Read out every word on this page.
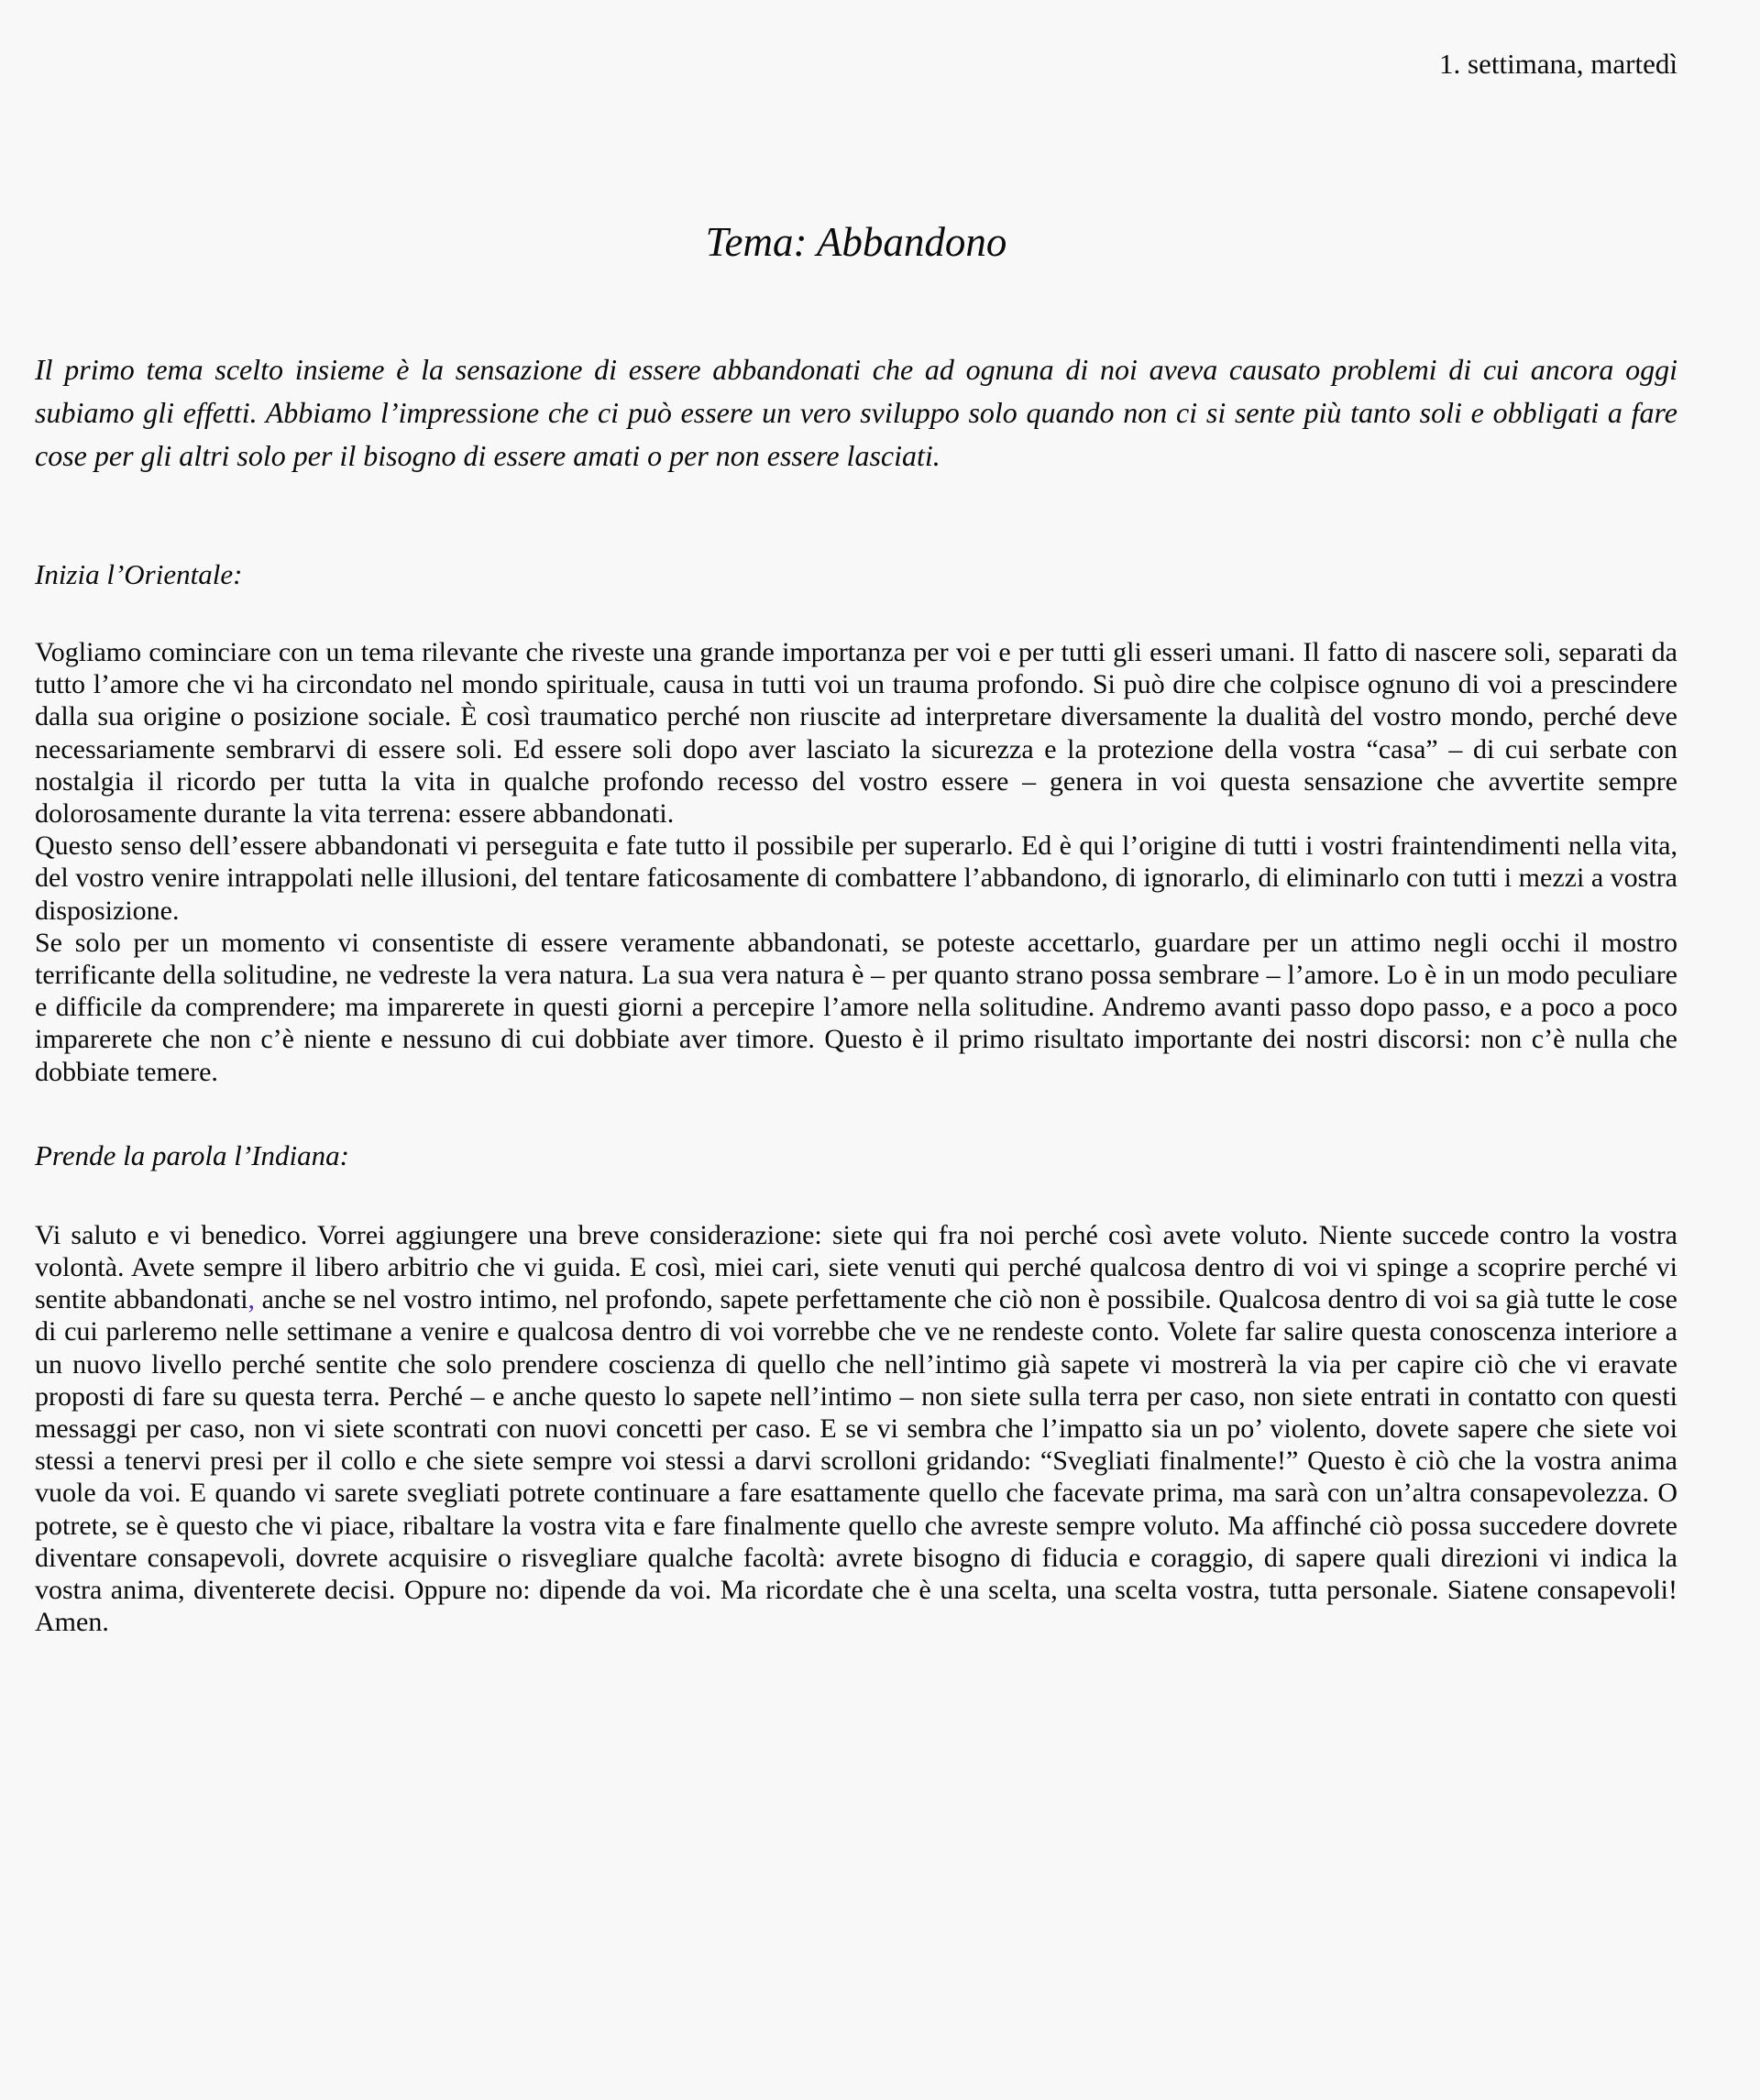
1. settimana, martedì
Tema: Abbandono

Il primo tema scelto insieme è la sensazione di essere abbandonati che ad ognuna di noi aveva causato problemi di cui ancora oggi subiamo gli effetti. Abbiamo l’impressione che ci può essere un vero sviluppo solo quando non ci si sente più tanto soli e obbligati a fare cose per gli altri solo per il bisogno di essere amati o per non essere lasciati.

Inizia l’Orientale:

Vogliamo cominciare con un tema rilevante che riveste una grande importanza per voi e per tutti gli esseri umani. Il fatto di nascere soli, separati da tutto l’amore che vi ha circondato nel mondo spirituale, causa in tutti voi un trauma profondo. Si può dire che colpisce ognuno di voi a prescindere dalla sua origine o posizione sociale. È così traumatico perché non riuscite ad interpretare diversamente la dualità del vostro mondo, perché deve necessariamente sembrarvi di essere soli. Ed essere soli dopo aver lasciato la sicurezza e la protezione della vostra “casa” – di cui serbate con nostalgia il ricordo per tutta la vita in qualche profondo recesso del vostro essere – genera in voi questa sensazione che avvertite sempre dolorosamente durante la vita terrena: essere abbandonati.

Questo senso dell’essere abbandonati vi perseguita e fate tutto il possibile per superarlo. Ed è qui l’origine di tutti i vostri fraintendimenti nella vita, del vostro venire intrappolati nelle illusioni, del tentare faticosamente di combattere l’abbandono, di ignorarlo, di eliminarlo con tutti i mezzi a vostra disposizione.

Se solo per un momento vi consentiste di essere veramente abbandonati, se poteste accettarlo, guardare per un attimo negli occhi il mostro terrificante della solitudine, ne vedreste la vera natura. La sua vera natura è – per quanto strano possa sembrare – l’amore. Lo è in un modo peculiare e difficile da comprendere; ma imparerete in questi giorni a percepire l’amore nella solitudine. Andremo avanti passo dopo passo, e a poco a poco imparerete che non c’è niente e nessuno di cui dobbiate aver timore. Questo è il primo risultato importante dei nostri discorsi: non c’è nulla che dobbiate temere.

Prende la parola l’Indiana:

Vi saluto e vi benedico. Vorrei aggiungere una breve considerazione: siete qui fra noi perché così avete voluto. Niente succede contro la vostra volontà. Avete sempre il libero arbitrio che vi guida. E così, miei cari, siete venuti qui perché qualcosa dentro di voi vi spinge a scoprire perché vi sentite abbandonati, anche se nel vostro intimo, nel profondo, sapete perfettamente che ciò non è possibile. Qualcosa dentro di voi sa già tutte le cose di cui parleremo nelle settimane a venire e qualcosa dentro di voi vorrebbe che ve ne rendeste conto. Volete far salire questa conoscenza interiore a un nuovo livello perché sentite che solo prendere coscienza di quello che nell’intimo già sapete vi mostrerà la via per capire ciò che vi eravate proposti di fare su questa terra. Perché – e anche questo lo sapete nell’intimo – non siete sulla terra per caso, non siete entrati in contatto con questi messaggi per caso, non vi siete scontrati con nuovi concetti per caso. E se vi sembra che l’impatto sia un po’ violento, dovete sapere che siete voi stessi a tenervi presi per il collo e che siete sempre voi stessi a darvi scrolloni gridando: “Svegliati finalmente!” Questo è ciò che la vostra anima vuole da voi. E quando vi sarete svegliati potrete continuare a fare esattamente quello che facevate prima, ma sarà con un’altra consapevolezza. O potrete, se è questo che vi piace, ribaltare la vostra vita e fare finalmente quello che avreste sempre voluto. Ma affinché ciò possa succedere dovrete diventare consapevoli, dovrete acquisire o risvegliare qualche facoltà: avrete bisogno di fiducia e coraggio, di sapere quali direzioni vi indica la vostra anima, diventerete decisi. Oppure no: dipende da voi. Ma ricordate che è una scelta, una scelta vostra, tutta personale. Siatene consapevoli! Amen.
